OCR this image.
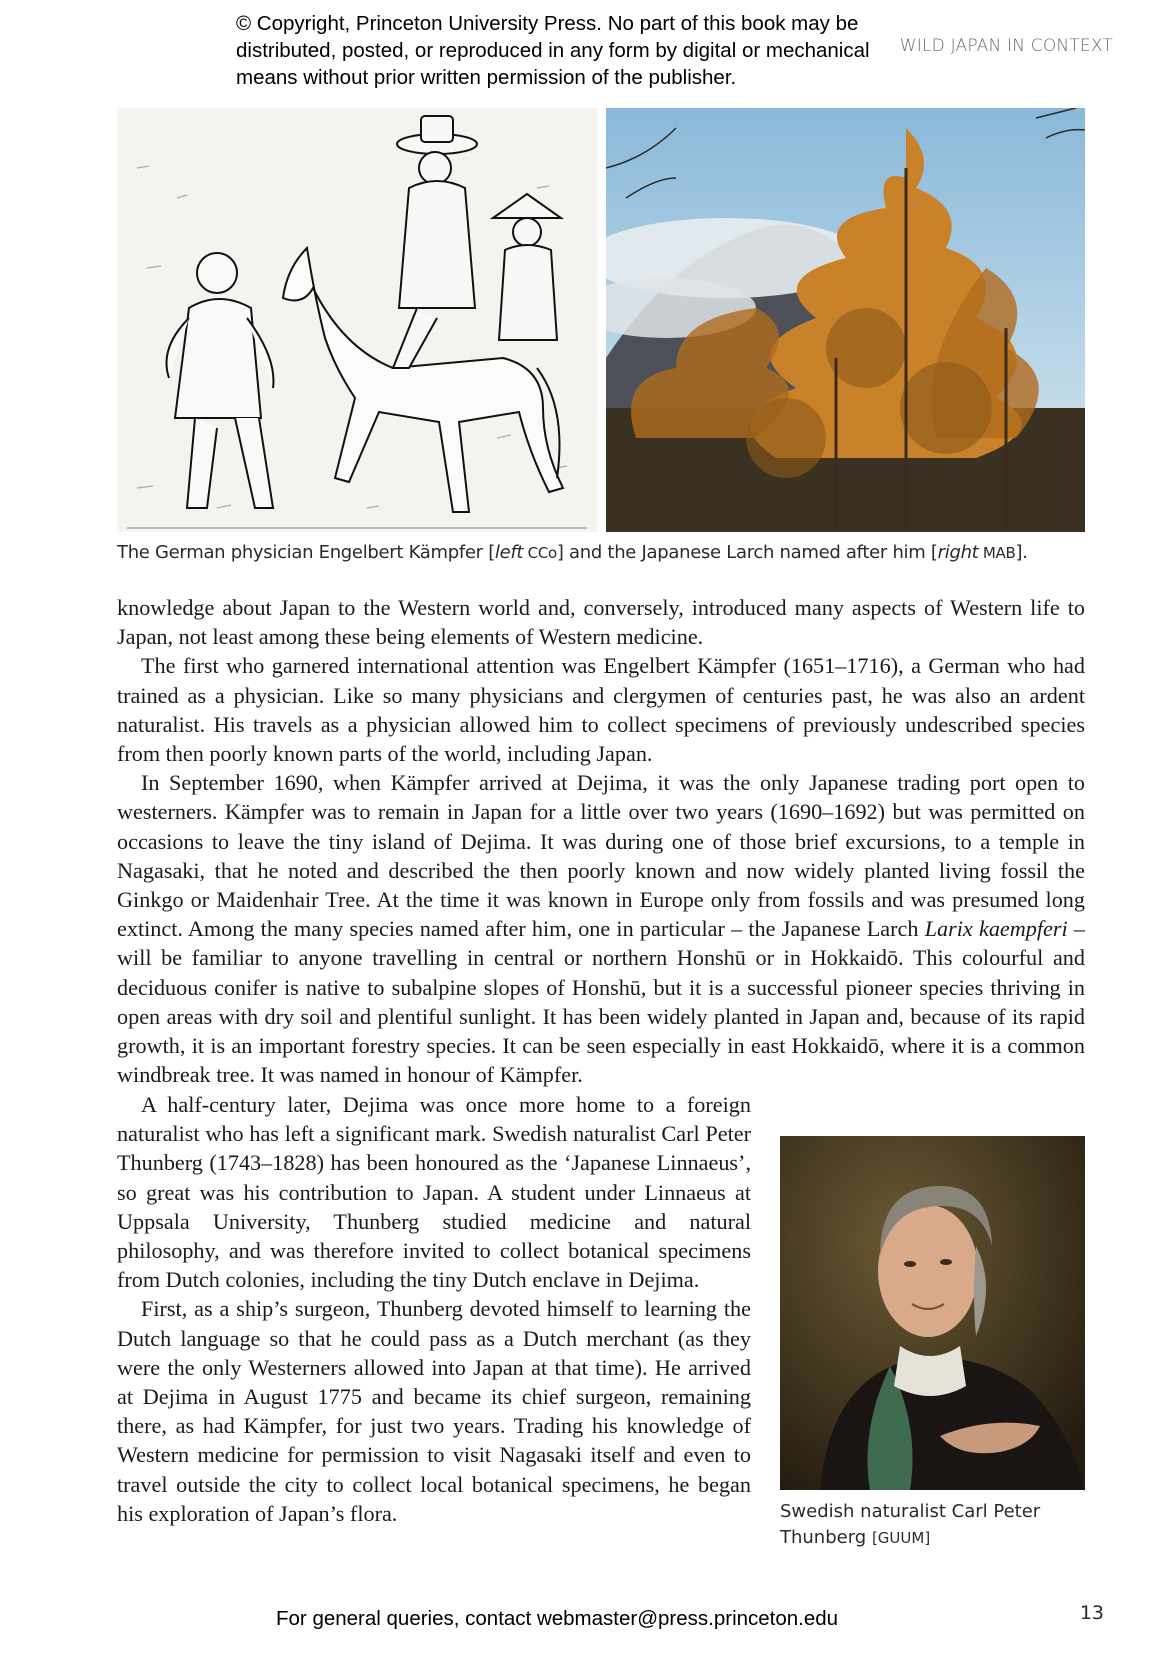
© Copyright, Princeton University Press. No part of this book may be distributed, posted, or reproduced in any form by digital or mechanical means without prior written permission of the publisher.
WILD JAPAN IN CONTEXT
The German physician Engelbert Kämpfer [left CCo] and the Japanese Larch named after him [right MAB].

knowledge about Japan to the Western world and, conversely, introduced many aspects of Western life to Japan, not least among these being elements of Western medicine.

The first who garnered international attention was Engelbert Kämpfer (1651–1716), a German who had trained as a physician. Like so many physicians and clergymen of centuries past, he was also an ardent naturalist. His travels as a physician allowed him to collect specimens of previously undescribed species from then poorly known parts of the world, including Japan.

In September 1690, when Kämpfer arrived at Dejima, it was the only Japanese trading port open to westerners. Kämpfer was to remain in Japan for a little over two years (1690–1692) but was permitted on occasions to leave the tiny island of Dejima. It was during one of those brief excursions, to a temple in Nagasaki, that he noted and described the then poorly known and now widely planted living fossil the Ginkgo or Maidenhair Tree. At the time it was known in Europe only from fossils and was presumed long extinct. Among the many species named after him, one in particular – the Japanese Larch Larix kaempferi – will be familiar to anyone travelling in central or northern Honshū or in Hokkaidō. This colourful and deciduous conifer is native to subalpine slopes of Honshū, but it is a successful pioneer species thriving in open areas with dry soil and plentiful sunlight. It has been widely planted in Japan and, because of its rapid growth, it is an important forestry species. It can be seen especially in east Hokkaidō, where it is a common windbreak tree. It was named in honour of Kämpfer.

A half-century later, Dejima was once more home to a foreign naturalist who has left a significant mark. Swedish naturalist Carl Peter Thunberg (1743–1828) has been honoured as the ‘Japanese Linnaeus’, so great was his contribution to Japan. A student under Linnaeus at Uppsala University, Thunberg studied medicine and natural philosophy, and was therefore invited to collect botanical specimens from Dutch colonies, including the tiny Dutch enclave in Dejima.

First, as a ship’s surgeon, Thunberg devoted himself to learning the Dutch language so that he could pass as a Dutch merchant (as they were the only Westerners allowed into Japan at that time). He arrived at Dejima in August 1775 and became its chief surgeon, remaining there, as had Kämpfer, for just two years. Trading his knowledge of Western medicine for permission to visit Nagasaki itself and even to travel outside the city to collect local botanical specimens, he began his exploration of Japan’s flora.	Swedish naturalist Carl Peter Thunberg [GUUM]
For general queries, contact webmaster@press.princeton.edu	13
